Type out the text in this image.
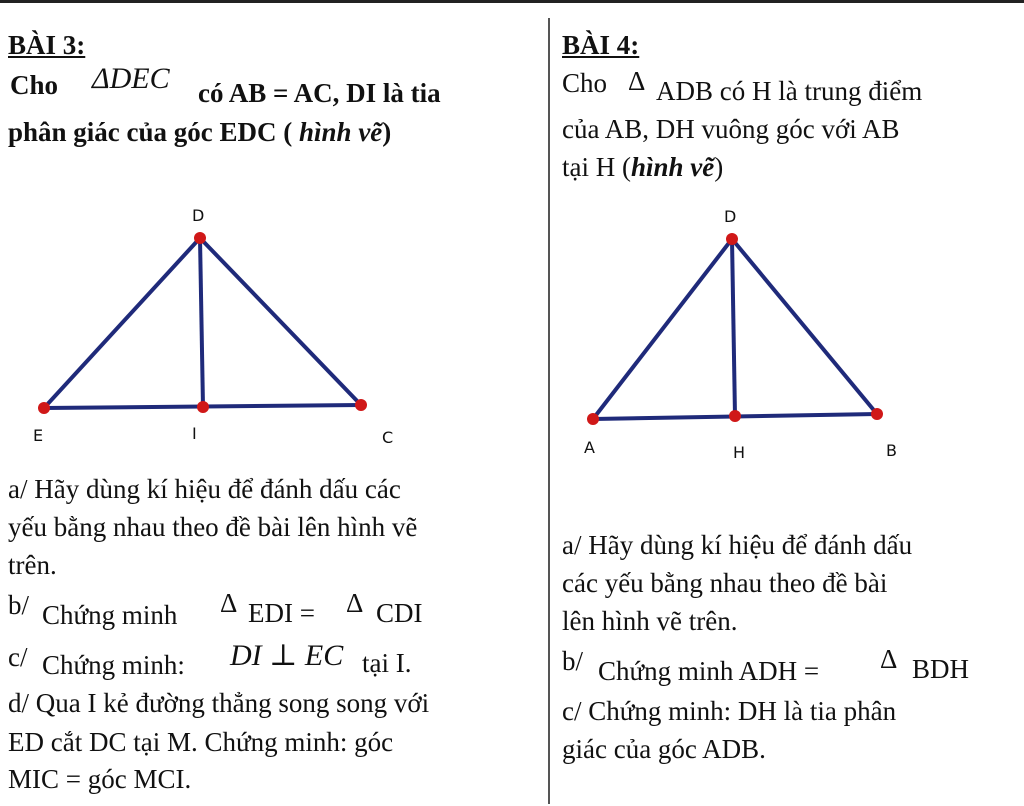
BÀI 3:
Cho ΔDEC có AB = AC, DI là tia
phân giác của góc EDC ( hình vẽ)
D
E	I	C
a/ Hãy dùng kí hiệu để đánh dấu các
yếu bằng nhau theo đề bài lên hình vẽ
trên.
b/ Chứng minh Δ EDI = Δ CDI
c/ Chứng minh: DI ⊥ EC tại I.
d/ Qua I kẻ đường thẳng song song với
ED cắt DC tại M. Chứng minh: góc
MIC = góc MCI.
BÀI 4:
Cho Δ ADB có H là trung điểm
của AB, DH vuông góc với AB
tại H (hình vẽ)
D
A	H	B
a/ Hãy dùng kí hiệu để đánh dấu
các yếu bằng nhau theo đề bài
lên hình vẽ trên.
b/ Chứng minh ADH = Δ BDH
c/ Chứng minh: DH là tia phân
giác của góc ADB.
